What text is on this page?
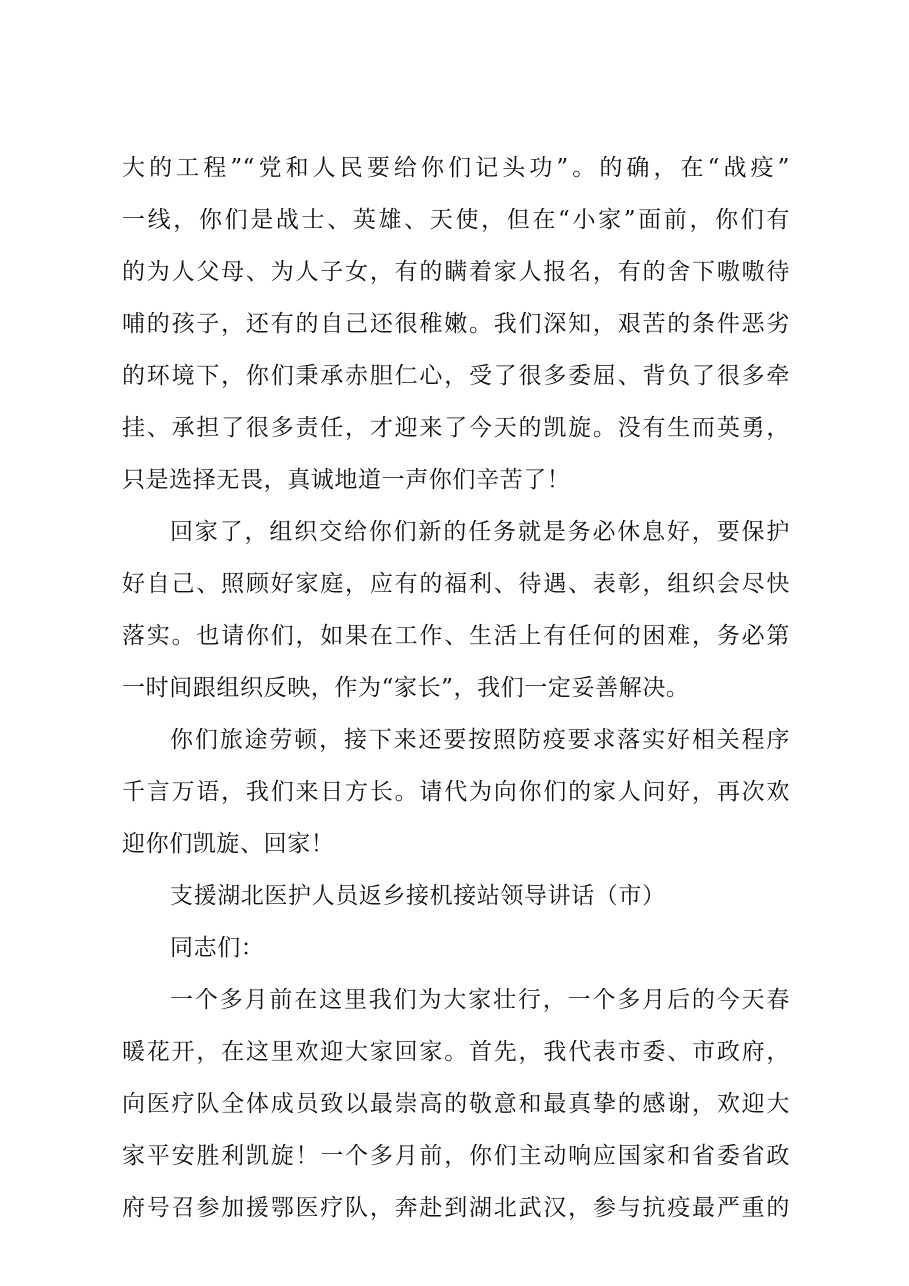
大的工程”“党和人民要给你们记头功”。的确，在“战疫”
一线，你们是战士、英雄、天使，但在“小家”面前，你们有
的为人父母、为人子女，有的瞒着家人报名，有的舍下嗷嗷待
哺的孩子，还有的自己还很稚嫩。我们深知，艰苦的条件恶劣
的环境下，你们秉承赤胆仁心，受了很多委屈、背负了很多牵
挂、承担了很多责任，才迎来了今天的凯旋。没有生而英勇，
只是选择无畏，真诚地道一声你们辛苦了！
回家了，组织交给你们新的任务就是务必休息好，要保护
好自己、照顾好家庭，应有的福利、待遇、表彰，组织会尽快
落实。也请你们，如果在工作、生活上有任何的困难，务必第
一时间跟组织反映，作为“家长”，我们一定妥善解决。
你们旅途劳顿，接下来还要按照防疫要求落实好相关程序
千言万语，我们来日方长。请代为向你们的家人问好，再次欢
迎你们凯旋、回家！
支援湖北医护人员返乡接机接站领导讲话（市）
同志们：
一个多月前在这里我们为大家壮行，一个多月后的今天春
暖花开，在这里欢迎大家回家。首先，我代表市委、市政府，
向医疗队全体成员致以最崇高的敬意和最真挚的感谢，欢迎大
家平安胜利凯旋！一个多月前，你们主动响应国家和省委省政
府号召参加援鄂医疗队，奔赴到湖北武汉，参与抗疫最严重的
